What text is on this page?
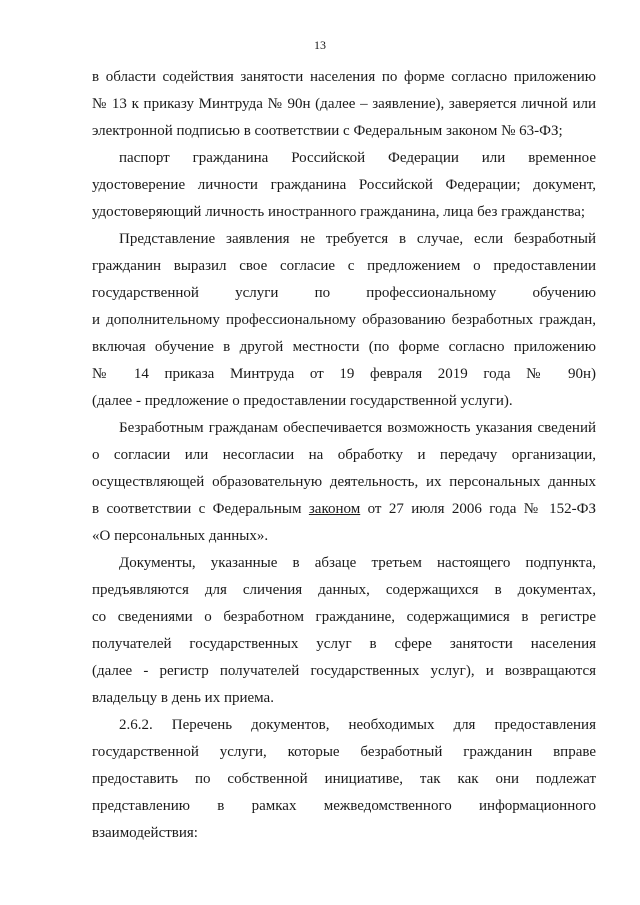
13
в области содействия занятости населения по форме согласно приложению
№ 13 к приказу Минтруда № 90н (далее – заявление), заверяется личной или
электронной подписью в соответствии с Федеральным законом № 63-ФЗ;
паспорт гражданина Российской Федерации или временное
удостоверение личности гражданина Российской Федерации; документ,
удостоверяющий личность иностранного гражданина, лица без гражданства;
Представление заявления не требуется в случае, если безработный
гражданин выразил свое согласие с предложением о предоставлении
государственной услуги по профессиональному обучению
и дополнительному профессиональному образованию безработных граждан,
включая обучение в другой местности (по форме согласно приложению
№ 14 приказа Минтруда от 19 февраля 2019 года № 90н)
(далее - предложение о предоставлении государственной услуги).
Безработным гражданам обеспечивается возможность указания сведений
о согласии или несогласии на обработку и передачу организации,
осуществляющей образовательную деятельность, их персональных данных
в соответствии с Федеральным законом от 27 июля 2006 года № 152-ФЗ
«О персональных данных».
Документы, указанные в абзаце третьем настоящего подпункта,
предъявляются для сличения данных, содержащихся в документах,
со сведениями о безработном гражданине, содержащимися в регистре
получателей государственных услуг в сфере занятости населения
(далее - регистр получателей государственных услуг), и возвращаются
владельцу в день их приема.
2.6.2. Перечень документов, необходимых для предоставления
государственной услуги, которые безработный гражданин вправе
предоставить по собственной инициативе, так как они подлежат
представлению в рамках межведомственного информационного
взаимодействия:
